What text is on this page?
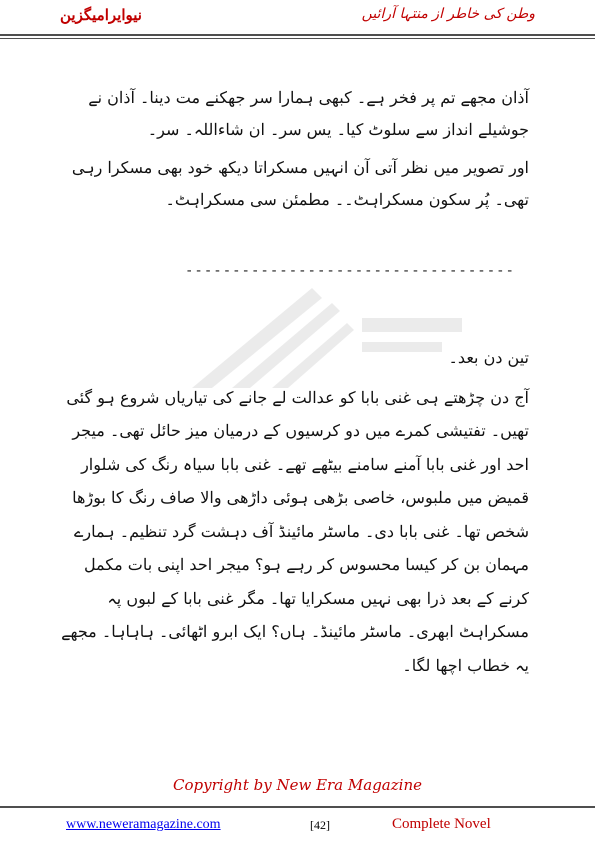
نیوایرامیگزین	وطن کی خاطر از منتہا آرائیں

آذان مجھے تم پر فخر ہے۔ کبھی ہمارا سر جھکنے مت دینا۔ آذان نے جوشیلے انداز سے سلوٹ کیا۔ یس سر۔ ان شاءاللہ۔ سر۔

اور تصویر میں نظر آتی آن انہیں مسکراتا دیکھ خود بھی مسکرا رہی تھی۔ پُر سکون مسکراہٹ۔۔ مطمئن سی مسکراہٹ۔

-----------------------------------

تین دن بعد۔

آج دن چڑھتے ہی غنی بابا کو عدالت لے جانے کی تیاریاں شروع ہو گئی تھیں۔ تفتیشی کمرے میں دو کرسیوں کے درمیان میز حائل تھی۔ میجر احد اور غنی بابا آمنے سامنے بیٹھے تھے۔ غنی بابا سیاہ رنگ کی شلوار قمیض میں ملبوس، خاصی بڑھی ہوئی داڑھی والا صاف رنگ کا بوڑھا شخص تھا۔ غنی بابا دی۔ ماسٹر مائینڈ آف دہشت گرد تنظیم۔ ہمارے مہمان بن کر کیسا محسوس کر رہے ہو؟ میجر احد اپنی بات مکمل کرنے کے بعد ذرا بھی نہیں مسکرایا تھا۔ مگر غنی بابا کے لبوں پہ مسکراہٹ ابھری۔ ماسٹر مائینڈ۔ ہاں؟ ایک ابرو اٹھائی۔ ہاہاہا۔ مجھے یہ خطاب اچھا لگا۔

Copyright by New Era Magazine
www.neweramagazine.com	[42]	Complete Novel
